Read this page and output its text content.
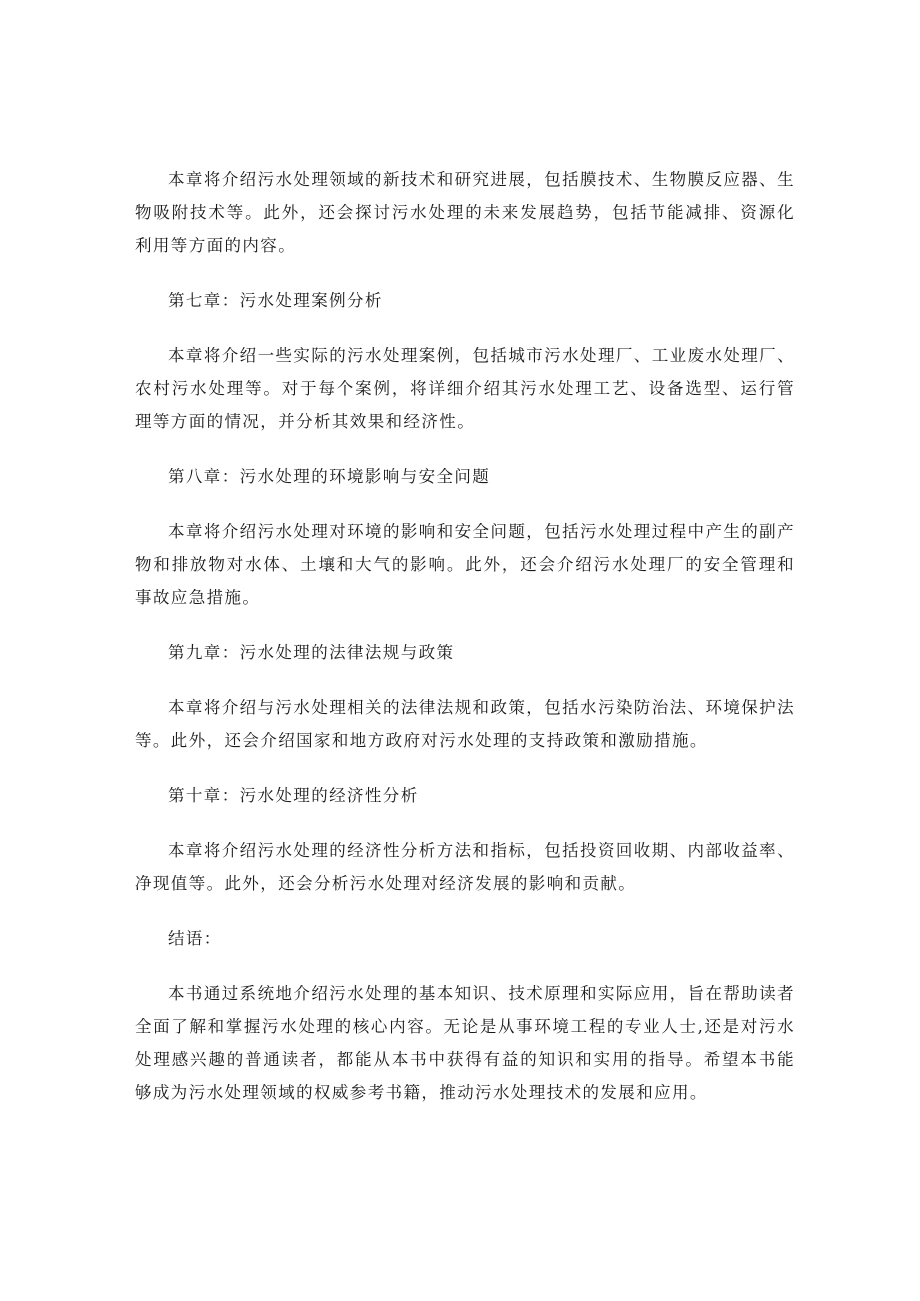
本章将介绍污水处理领域的新技术和研究进展，包括膜技术、生物膜反应器、生物吸附技术等。此外，还会探讨污水处理的未来发展趋势，包括节能减排、资源化利用等方面的内容。

第七章：污水处理案例分析

本章将介绍一些实际的污水处理案例，包括城市污水处理厂、工业废水处理厂、农村污水处理等。对于每个案例，将详细介绍其污水处理工艺、设备选型、运行管理等方面的情况，并分析其效果和经济性。

第八章：污水处理的环境影响与安全问题

本章将介绍污水处理对环境的影响和安全问题，包括污水处理过程中产生的副产物和排放物对水体、土壤和大气的影响。此外，还会介绍污水处理厂的安全管理和事故应急措施。

第九章：污水处理的法律法规与政策

本章将介绍与污水处理相关的法律法规和政策，包括水污染防治法、环境保护法等。此外，还会介绍国家和地方政府对污水处理的支持政策和激励措施。

第十章：污水处理的经济性分析

本章将介绍污水处理的经济性分析方法和指标，包括投资回收期、内部收益率、净现值等。此外，还会分析污水处理对经济发展的影响和贡献。

结语：

本书通过系统地介绍污水处理的基本知识、技术原理和实际应用，旨在帮助读者全面了解和掌握污水处理的核心内容。无论是从事环境工程的专业人士,还是对污水处理感兴趣的普通读者，都能从本书中获得有益的知识和实用的指导。希望本书能够成为污水处理领域的权威参考书籍，推动污水处理技术的发展和应用。
